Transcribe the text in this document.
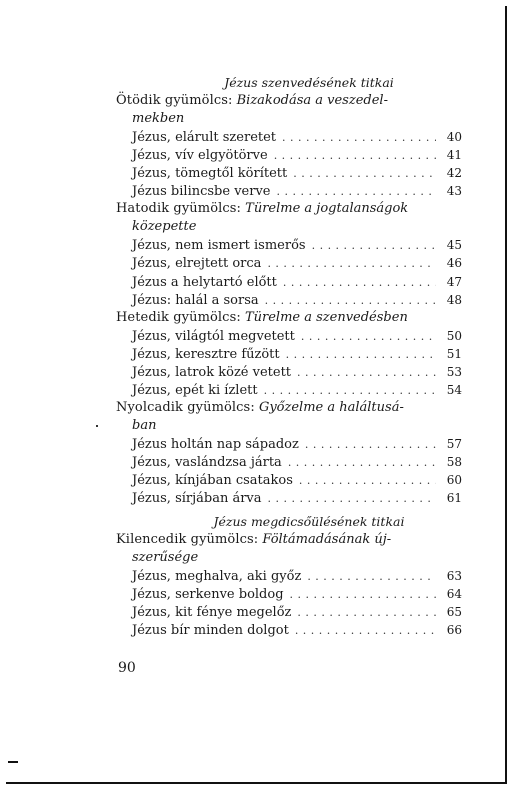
Jézus szenvedésének titkai
Ötödik gyümölcs: Bizakodása a veszedel-
mekben
Jézus, elárult szeretet . . .	40
Jézus, vív elgyötörve . . .	41
Jézus, tömegtől körített . . .	42
Jézus bilincsbe verve . . .	43
Hatodik gyümölcs: Türelme a jogtalanságok
közepette
Jézus, nem ismert ismerős . . .	45
Jézus, elrejtett orca . . .	46
Jézus a helytartó előtt . . .	47
Jézus: halál a sorsa . . .	48
Hetedik gyümölcs: Türelme a szenvedésben
Jézus, világtól megvetett . . .	50
Jézus, keresztre fűzött . . .	51
Jézus, latrok közé vetett . . .	53
Jézus, epét ki ízlett . . .	54
Nyolcadik gyümölcs: Győzelme a haláltusá-
ban
Jézus holtán nap sápadoz . . .	57
Jézus, vaslándzsa járta . . .	58
Jézus, kínjában csatakos . . .	60
Jézus, sírjában árva . . .	61
Jézus megdicsőülésének titkai
Kilencedik gyümölcs: Föltámadásának új-
szerűsége
Jézus, meghalva, aki győz . . .	63
Jézus, serkenve boldog . . .	64
Jézus, kit fénye megelőz . . .	65
Jézus bír minden dolgot . . .	66
90
